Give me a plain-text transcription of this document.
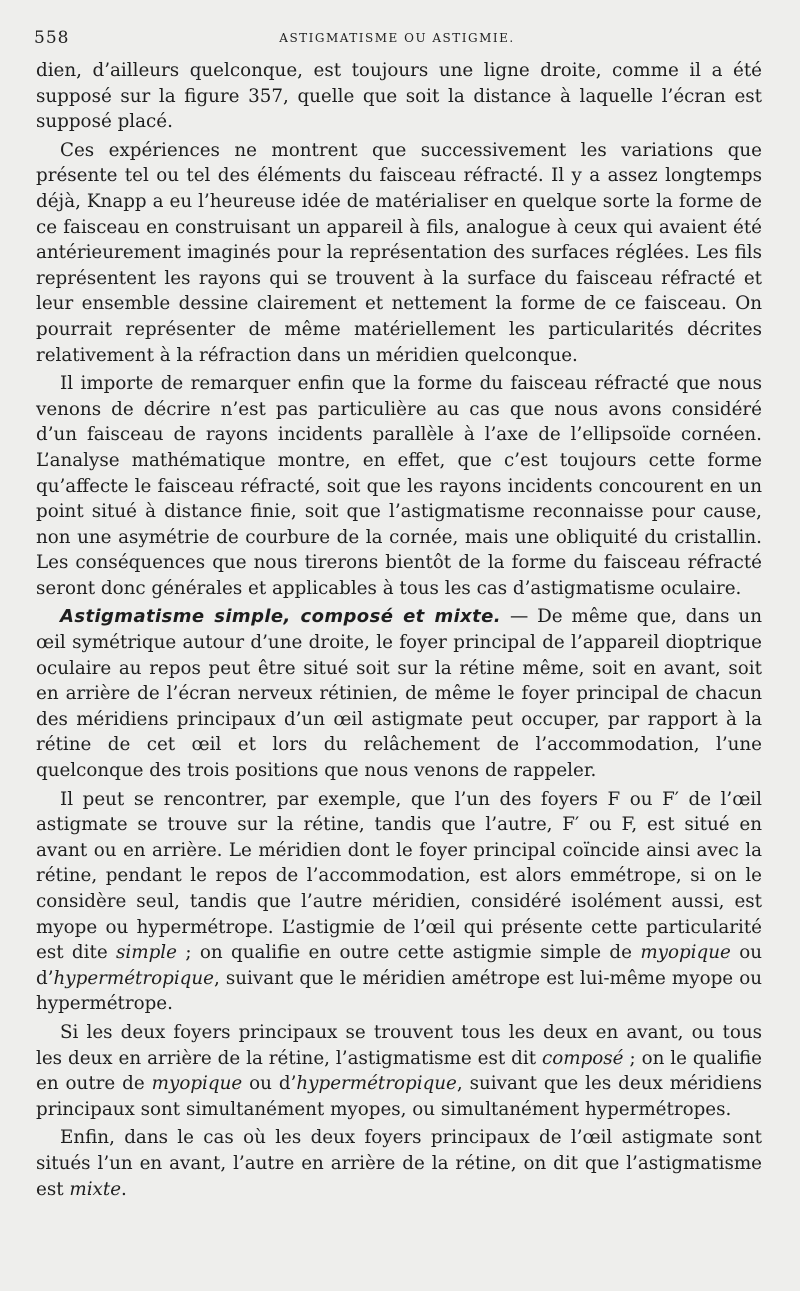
558	ASTIGMATISME OU ASTIGMIE.

dien, d’ailleurs quelconque, est toujours une ligne droite, comme il a été supposé sur la figure 357, quelle que soit la distance à laquelle l’écran est supposé placé.

Ces expériences ne montrent que successivement les variations que présente tel ou tel des éléments du faisceau réfracté. Il y a assez longtemps déjà, Knapp a eu l’heureuse idée de matérialiser en quelque sorte la forme de ce faisceau en construisant un appareil à fils, analogue à ceux qui avaient été antérieurement imaginés pour la représentation des surfaces réglées. Les fils représentent les rayons qui se trouvent à la surface du faisceau réfracté et leur ensemble dessine clairement et nettement la forme de ce faisceau. On pourrait représenter de même matériellement les particularités décrites relativement à la réfraction dans un méridien quelconque.

Il importe de remarquer enfin que la forme du faisceau réfracté que nous venons de décrire n’est pas particulière au cas que nous avons considéré d’un faisceau de rayons incidents parallèle à l’axe de l’ellipsoïde cornéen. L’analyse mathématique montre, en effet, que c’est toujours cette forme qu’affecte le faisceau réfracté, soit que les rayons incidents concourent en un point situé à distance finie, soit que l’astigmatisme reconnaisse pour cause, non une asymétrie de courbure de la cornée, mais une obliquité du cristallin. Les conséquences que nous tirerons bientôt de la forme du faisceau réfracté seront donc générales et applicables à tous les cas d’astigmatisme oculaire.

Astigmatisme simple, composé et mixte. — De même que, dans un œil symétrique autour d’une droite, le foyer principal de l’appareil dioptrique oculaire au repos peut être situé soit sur la rétine même, soit en avant, soit en arrière de l’écran nerveux rétinien, de même le foyer principal de chacun des méridiens principaux d’un œil astigmate peut occuper, par rapport à la rétine de cet œil et lors du relâchement de l’accommodation, l’une quelconque des trois positions que nous venons de rappeler.

Il peut se rencontrer, par exemple, que l’un des foyers F ou F′ de l’œil astigmate se trouve sur la rétine, tandis que l’autre, F′ ou F, est situé en avant ou en arrière. Le méridien dont le foyer principal coïncide ainsi avec la rétine, pendant le repos de l’accommodation, est alors emmétrope, si on le considère seul, tandis que l’autre méridien, considéré isolément aussi, est myope ou hypermétrope. L’astigmie de l’œil qui présente cette particularité est dite simple ; on qualifie en outre cette astigmie simple de myopique ou d’hypermétropique, suivant que le méridien amétrope est lui-même myope ou hypermétrope.

Si les deux foyers principaux se trouvent tous les deux en avant, ou tous les deux en arrière de la rétine, l’astigmatisme est dit composé ; on le qualifie en outre de myopique ou d’hypermétropique, suivant que les deux méridiens principaux sont simultanément myopes, ou simultanément hypermétropes.

Enfin, dans le cas où les deux foyers principaux de l’œil astigmate sont situés l’un en avant, l’autre en arrière de la rétine, on dit que l’astigmatisme est mixte.
